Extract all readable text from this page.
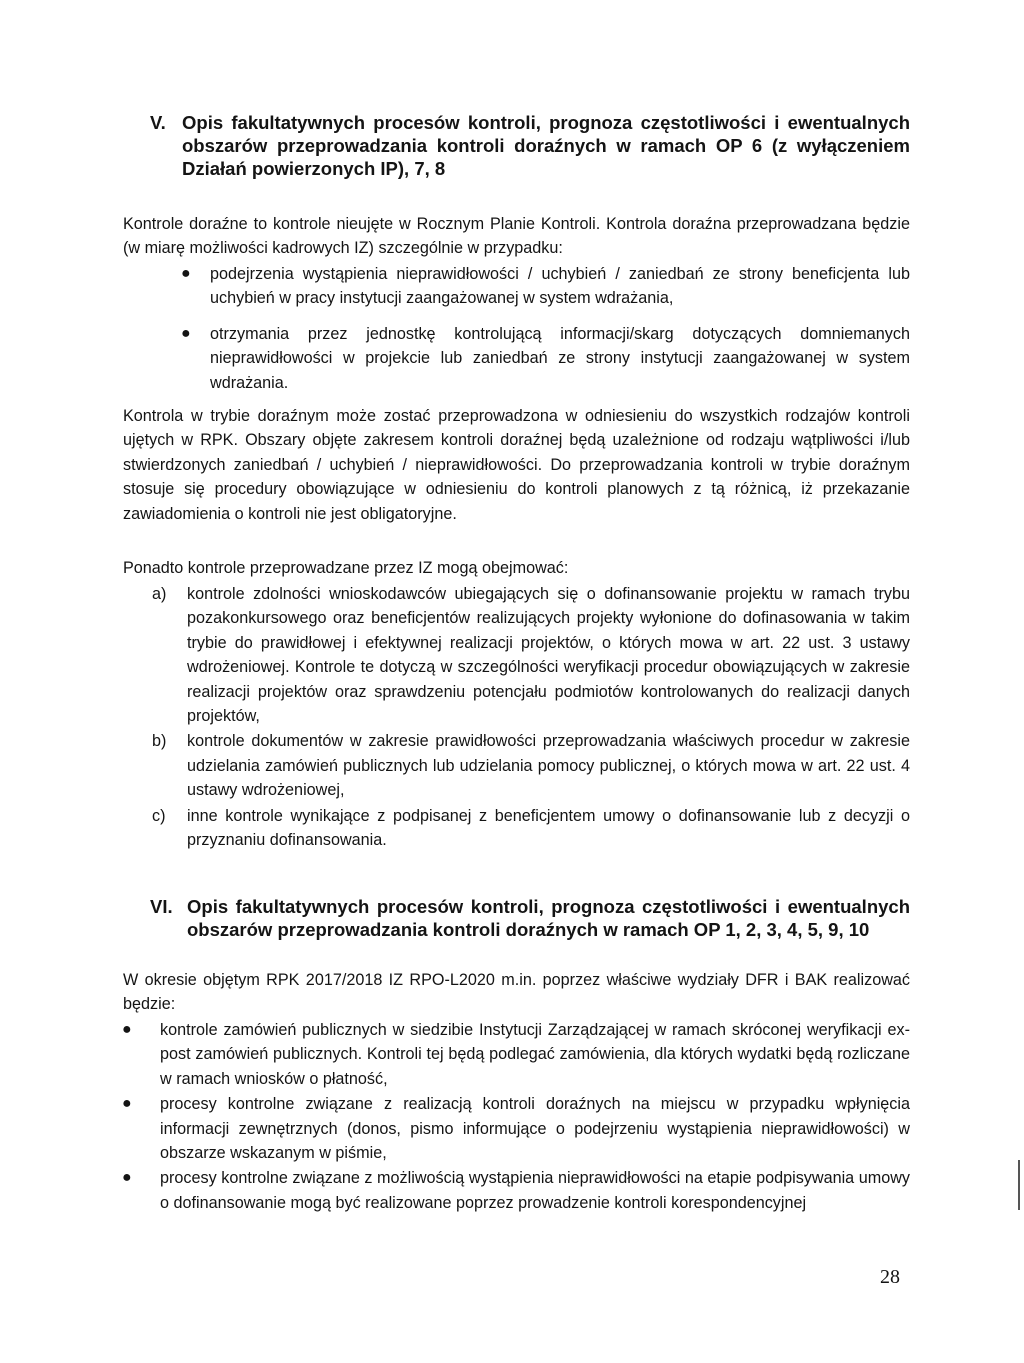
V. Opis fakultatywnych procesów kontroli, prognoza częstotliwości i ewentualnych obszarów przeprowadzania kontroli doraźnych w ramach OP 6 (z wyłączeniem Działań powierzonych IP), 7, 8
Kontrole doraźne to kontrole nieujęte w Rocznym Planie Kontroli. Kontrola doraźna przeprowadzana będzie (w miarę możliwości kadrowych IZ) szczególnie w przypadku:
● podejrzenia wystąpienia nieprawidłowości / uchybień / zaniedbań ze strony beneficjenta lub uchybień w pracy instytucji zaangażowanej w system wdrażania,
● otrzymania przez jednostkę kontrolującą informacji/skarg dotyczących domniemanych nieprawidłowości w projekcie lub zaniedbań ze strony instytucji zaangażowanej w system wdrażania.
Kontrola w trybie doraźnym może zostać przeprowadzona w odniesieniu do wszystkich rodzajów kontroli ujętych w RPK. Obszary objęte zakresem kontroli doraźnej będą uzależnione od rodzaju wątpliwości i/lub stwierdzonych zaniedbań / uchybień / nieprawidłowości. Do przeprowadzania kontroli w trybie doraźnym stosuje się procedury obowiązujące w odniesieniu do kontroli planowych z tą różnicą, iż przekazanie zawiadomienia o kontroli nie jest obligatoryjne.
Ponadto kontrole przeprowadzane przez IZ mogą obejmować:
a) kontrole zdolności wnioskodawców ubiegających się o dofinansowanie projektu w ramach trybu pozakonkursowego oraz beneficjentów realizujących projekty wyłonione do dofinasowania w takim trybie do prawidłowej i efektywnej realizacji projektów, o których mowa w art. 22 ust. 3 ustawy wdrożeniowej. Kontrole te dotyczą w szczególności weryfikacji procedur obowiązujących w zakresie realizacji projektów oraz sprawdzeniu potencjału podmiotów kontrolowanych do realizacji danych projektów,
b) kontrole dokumentów w zakresie prawidłowości przeprowadzania właściwych procedur w zakresie udzielania zamówień publicznych lub udzielania pomocy publicznej, o których mowa w art. 22 ust. 4 ustawy wdrożeniowej,
c) inne kontrole wynikające z podpisanej z beneficjentem umowy o dofinansowanie lub z decyzji o przyznaniu dofinansowania.
VI. Opis fakultatywnych procesów kontroli, prognoza częstotliwości i ewentualnych obszarów przeprowadzania kontroli doraźnych w ramach OP 1, 2, 3, 4, 5, 9, 10
W okresie objętym RPK 2017/2018 IZ RPO-L2020 m.in. poprzez właściwe wydziały DFR i BAK realizować będzie:
● kontrole zamówień publicznych w siedzibie Instytucji Zarządzającej w ramach skróconej weryfikacji ex-post zamówień publicznych. Kontroli tej będą podlegać zamówienia, dla których wydatki będą rozliczane w ramach wniosków o płatność,
● procesy kontrolne związane z realizacją kontroli doraźnych na miejscu w przypadku wpłynięcia informacji zewnętrznych (donos, pismo informujące o podejrzeniu wystąpienia nieprawidłowości) w obszarze wskazanym w piśmie,
● procesy kontrolne związane z możliwością wystąpienia nieprawidłowości na etapie podpisywania umowy o dofinansowanie mogą być realizowane poprzez prowadzenie kontroli korespondencyjnej
28
